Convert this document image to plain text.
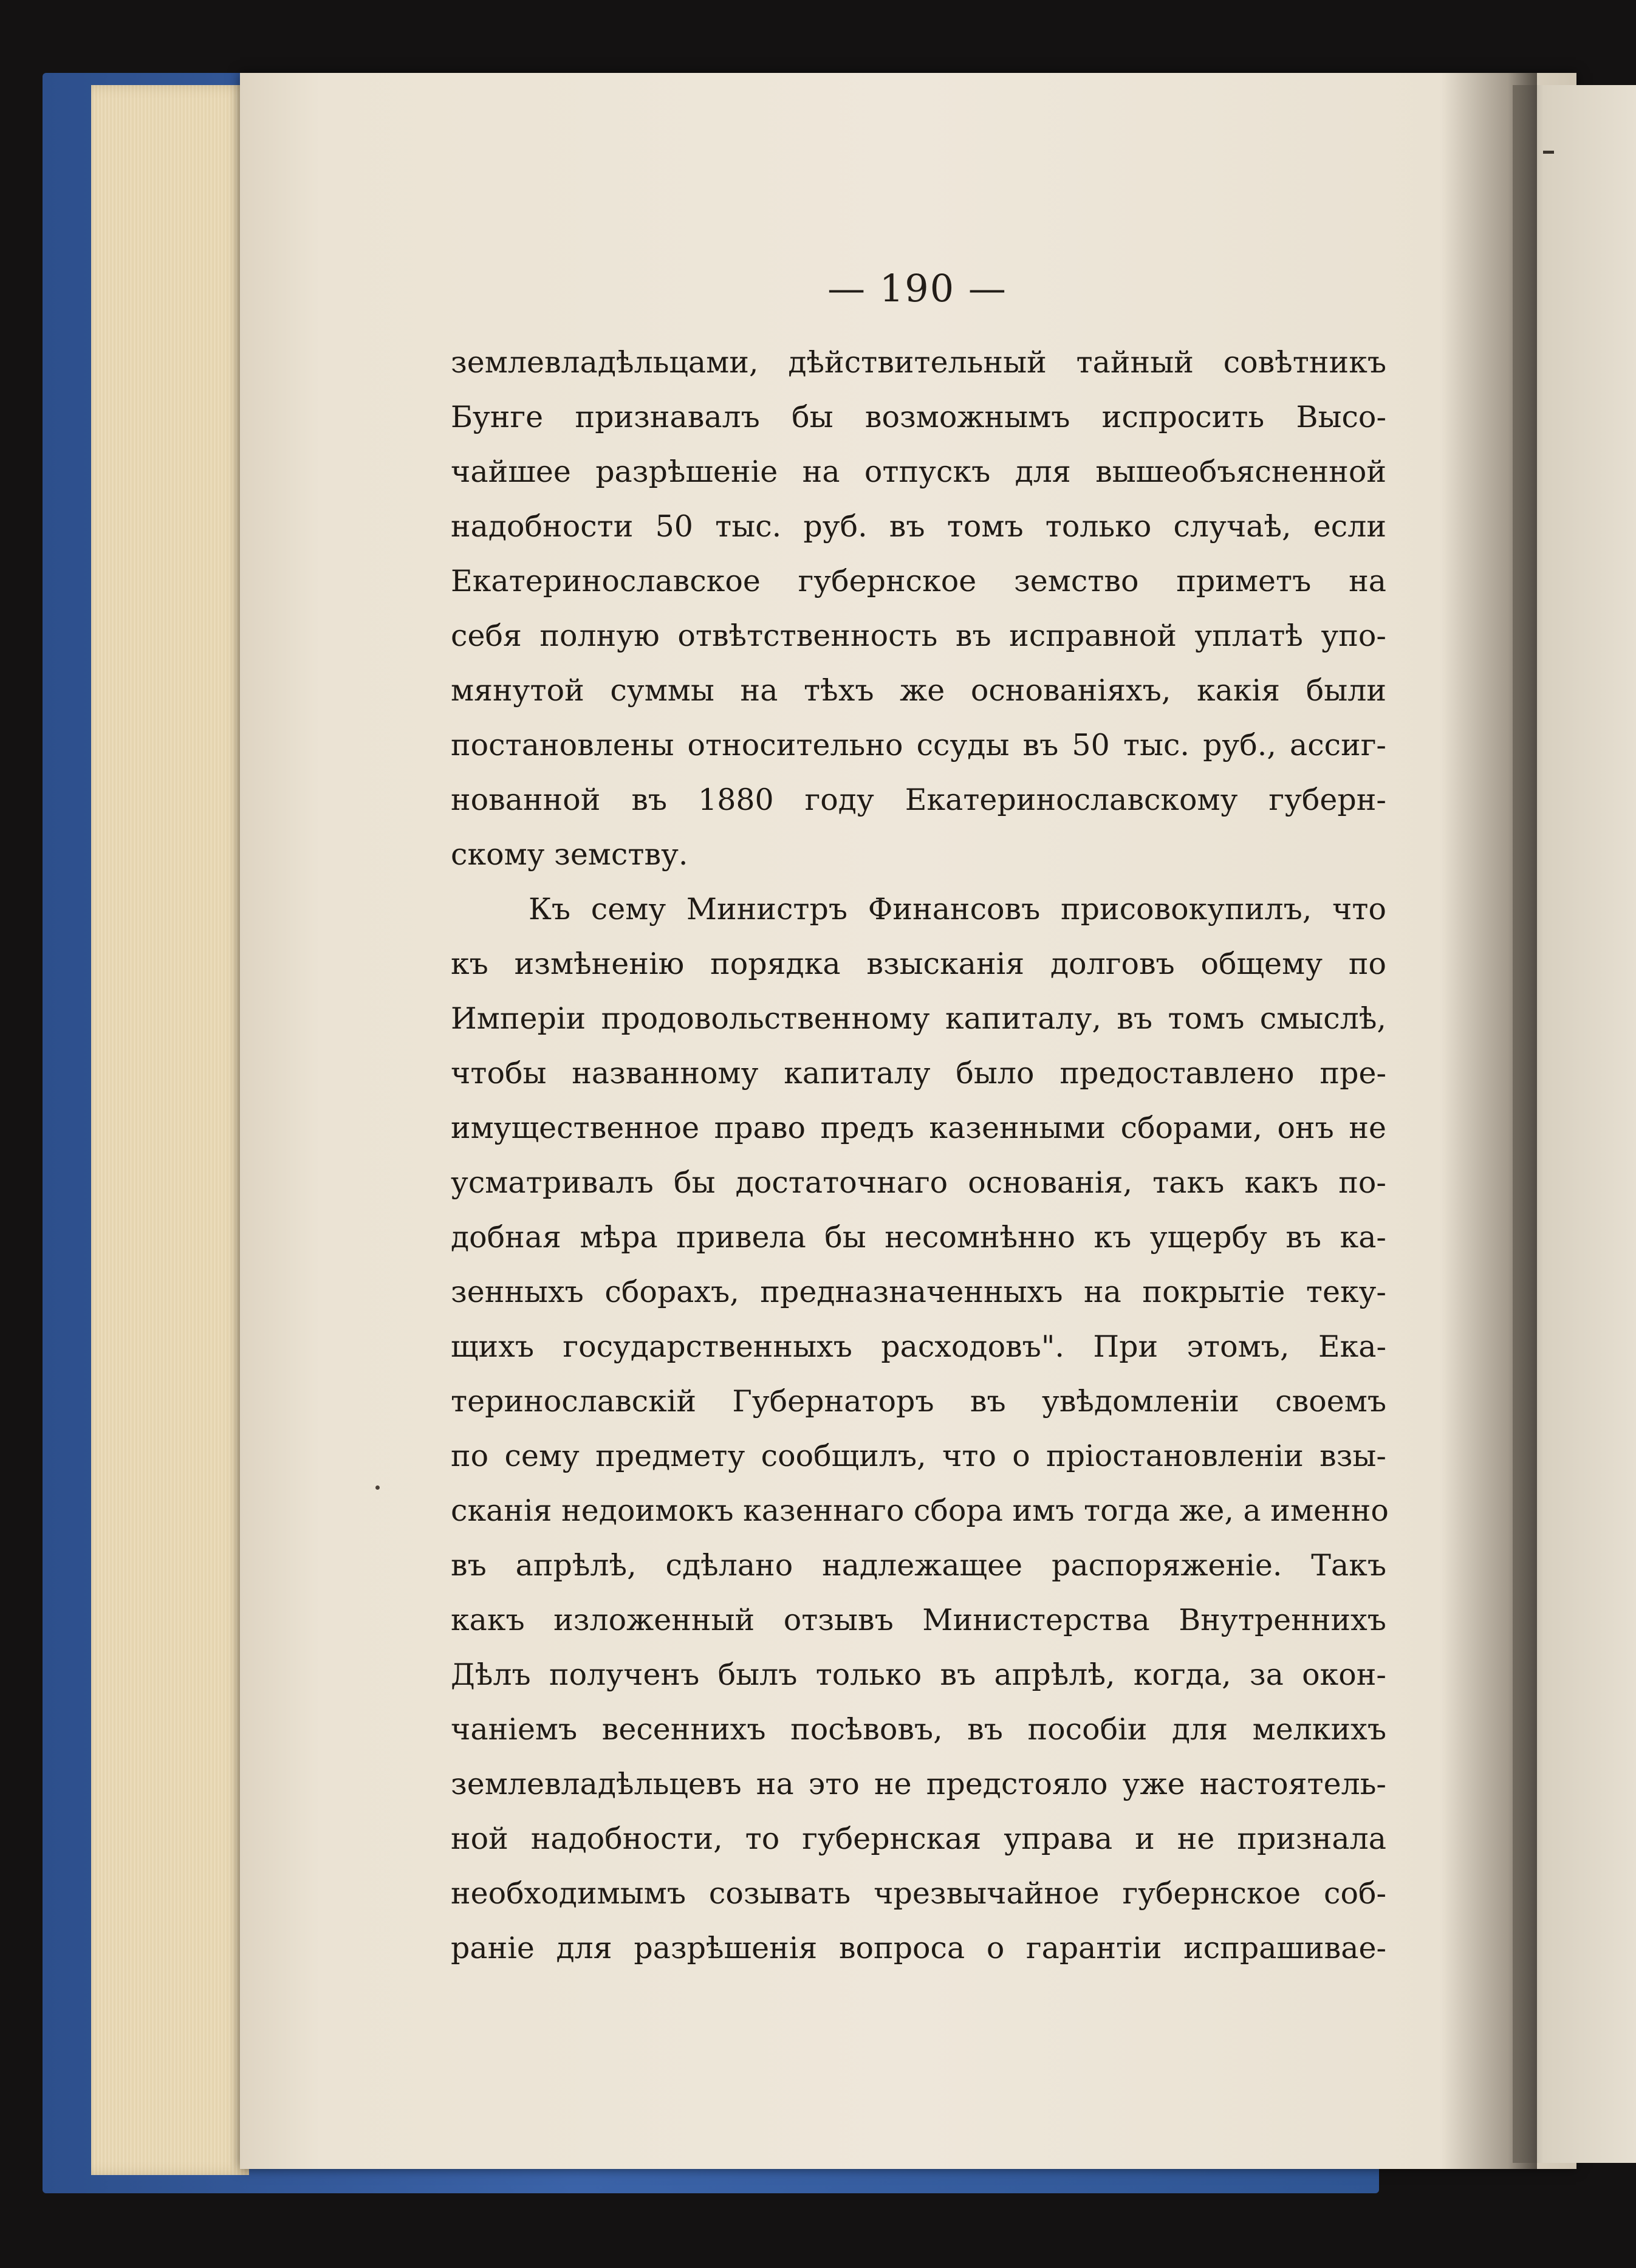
— 190 —
землевладѣльцами, дѣйствительный тайный совѣтникъ
Бунге признавалъ бы возможнымъ испросить Высо-
чайшее разрѣшеніе на отпускъ для вышеобъясненной
надобности 50 тыс. руб. въ томъ только случаѣ, если
Екатеринославское губернское земство приметъ на
себя полную отвѣтственность въ исправной уплатѣ упо-
мянутой суммы на тѣхъ же основаніяхъ, какія были
постановлены относительно ссуды въ 50 тыс. руб., ассиг-
нованной въ 1880 году Екатеринославскому губерн-
скому земству.
Къ сему Министръ Финансовъ присовокупилъ, что
къ измѣненію порядка взысканія долговъ общему по
Имперіи продовольственному капиталу, въ томъ смыслѣ,
чтобы названному капиталу было предоставлено пре-
имущественное право предъ казенными сборами, онъ не
усматривалъ бы достаточнаго основанія, такъ какъ по-
добная мѣра привела бы несомнѣнно къ ущербу въ ка-
зенныхъ сборахъ, предназначенныхъ на покрытіе теку-
щихъ государственныхъ расходовъ". При этомъ, Ека-
теринославскій Губернаторъ въ увѣдомленіи своемъ
по сему предмету сообщилъ, что о пріостановленіи взы-
сканія недоимокъ казеннаго сбора имъ тогда же, а именно
въ апрѣлѣ, сдѣлано надлежащее распоряженіе. Такъ
какъ изложенный отзывъ Министерства Внутреннихъ
Дѣлъ полученъ былъ только въ апрѣлѣ, когда, за окон-
чаніемъ весеннихъ посѣвовъ, въ пособіи для мелкихъ
землевладѣльцевъ на это не предстояло уже настоятель-
ной надобности, то губернская управа и не признала
необходимымъ созывать чрезвычайное губернское соб-
раніе для разрѣшенія вопроса о гарантіи испрашивае-
